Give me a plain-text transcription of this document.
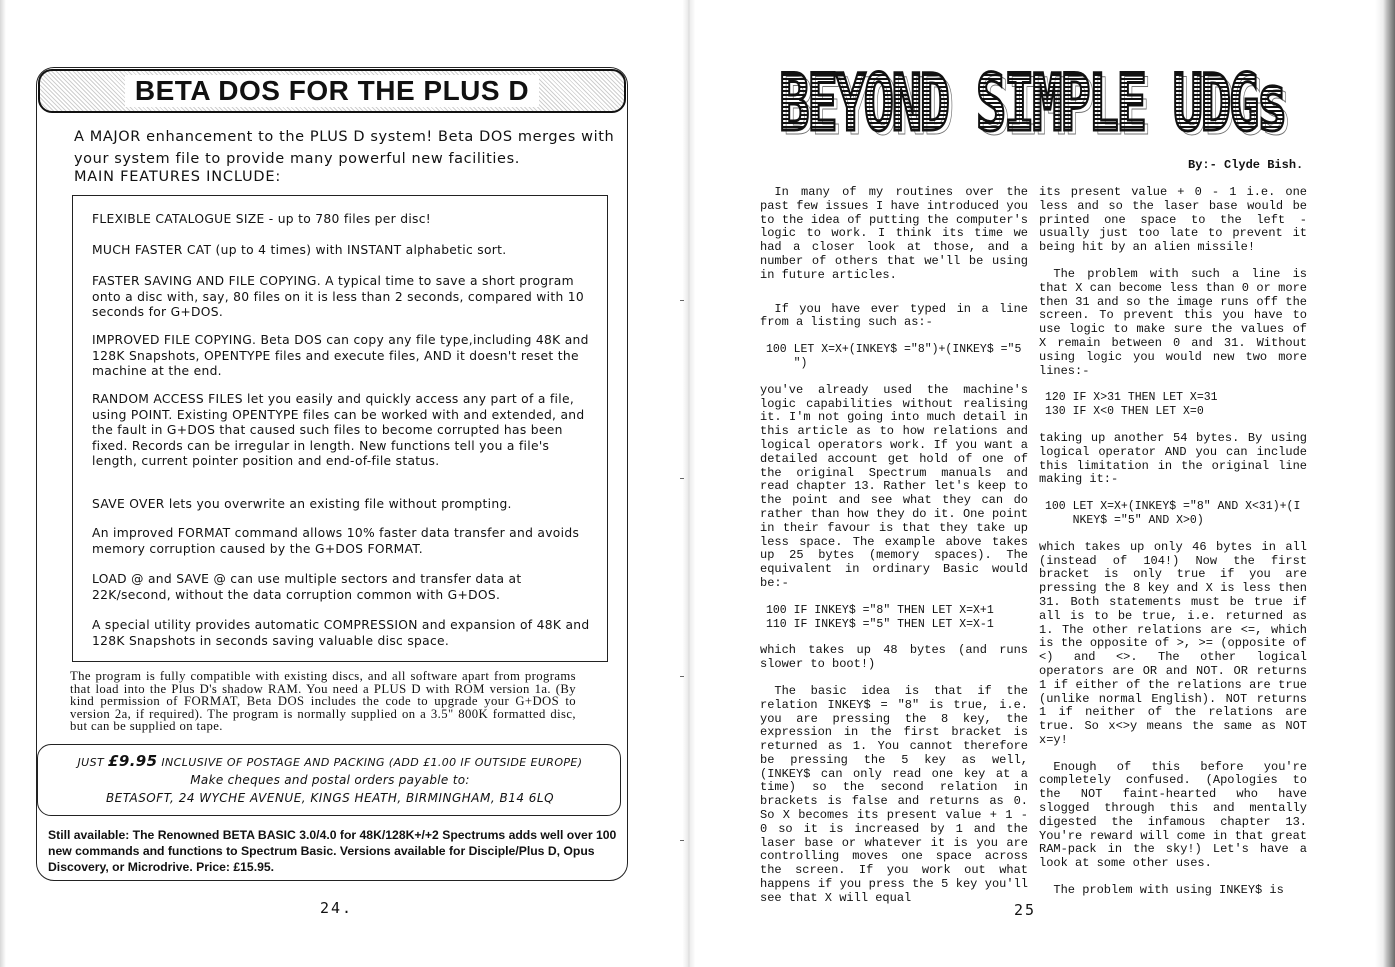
BETA DOS FOR THE PLUS D
A MAJOR enhancement to the PLUS D system! Beta DOS merges with your system file to provide many powerful new facilities.
MAIN FEATURES INCLUDE:
FLEXIBLE CATALOGUE SIZE - up to 780 files per disc!
MUCH FASTER CAT (up to 4 times) with INSTANT alphabetic sort.
FASTER SAVING AND FILE COPYING. A typical time to save a short program onto a disc with, say, 80 files on it is less than 2 seconds, compared with 10 seconds for G+DOS.
IMPROVED FILE COPYING. Beta DOS can copy any file type,including 48K and 128K Snapshots, OPENTYPE files and execute files, AND it doesn't reset the machine at the end.
RANDOM ACCESS FILES let you easily and quickly access any part of a file, using POINT. Existing OPENTYPE files can be worked with and extended, and the fault in G+DOS that caused such files to become corrupted has been fixed. Records can be irregular in length. New functions tell you a file's length, current pointer position and end-of-file status.
SAVE OVER lets you overwrite an existing file without prompting.
An improved FORMAT command allows 10% faster data transfer and avoids memory corruption caused by the G+DOS FORMAT.
LOAD @ and SAVE @ can use multiple sectors and transfer data at 22K/second, without the data corruption common with G+DOS.
A special utility provides automatic COMPRESSION and expansion of 48K and 128K Snapshots in seconds saving valuable disc space.
The program is fully compatible with existing discs, and all software apart from programs that load into the Plus D's shadow RAM. You need a PLUS D with ROM version 1a. (By kind permission of FORMAT, Beta DOS includes the code to upgrade your G+DOS to version 2a, if required). The program is normally supplied on a 3.5" 800K formatted disc, but can be supplied on tape.
JUST £9.95 INCLUSIVE OF POSTAGE AND PACKING (ADD £1.00 IF OUTSIDE EUROPE)
Make cheques and postal orders payable to:
BETASOFT, 24 WYCHE AVENUE, KINGS HEATH, BIRMINGHAM, B14 6LQ
Still available: The Renowned BETA BASIC 3.0/4.0 for 48K/128K+/+2 Spectrums adds well over 100 new commands and functions to Spectrum Basic. Versions available for Disciple/Plus D, Opus Discovery, or Microdrive. Price: £15.95.
24.
BEYOND SIMPLE UDGs
BEYOND SIMPLE UDGs
By:- Clyde Bish.

In many of my routines over the past few issues I have introduced you to the idea of putting the computer's logic to work. I think its time we had a closer look at those, and a number of others that we'll be using in future articles.

If you have ever typed in a line from a listing such as:-

100 LET X=X+(INKEY$ ="8")+(INKEY$ ="5
")

you've already used the machine's logic capabilities without realising it. I'm not going into much detail in this article as to how relations and logical operators work. If you want a detailed account get hold of one of the original Spectrum manuals and read chapter 13. Rather let's keep to the point and see what they can do rather than how they do it. One point in their favour is that they take up less space. The example above takes up 25 bytes (memory spaces). The equivalent in ordinary Basic would be:-

100 IF INKEY$ ="8" THEN LET X=X+1
110 IF INKEY$ ="5" THEN LET X=X-1

which takes up 48 bytes (and runs slower to boot!)

The basic idea is that if the relation INKEY$ = "8" is true, i.e. you are pressing the 8 key, the expression in the first bracket is returned as 1. You cannot therefore be pressing the 5 key as well, (INKEY$ can only read one key at a time) so the second relation in brackets is false and returns as 0. So X becomes its present value + 1 - 0 so it is increased by 1 and the laser base or whatever it is you are controlling moves one space across the screen. If you work out what happens if you press the 5 key you'll see that X will equal

its present value + 0 - 1 i.e. one less and so the laser base would be printed one space to the left - usually just too late to prevent it being hit by an alien missile!

The problem with such a line is that X can become less than 0 or more then 31 and so the image runs off the screen. To prevent this you have to use logic to make sure the values of X remain between 0 and 31. Without using logic you would new two more lines:-

120 IF X>31 THEN LET X=31
130 IF X<0 THEN LET X=0

taking up another 54 bytes. By using logical operator AND you can include this limitation in the original line making it:-

100 LET X=X+(INKEY$ ="8" AND X<31)+(I
NKEY$ ="5" AND X>0)

which takes up only 46 bytes in all (instead of 104!) Now the first bracket is only true if you are pressing the 8 key and X is less then 31. Both statements must be true if all is to be true, i.e. returned as 1. The other relations are <=, which is the opposite of >, >= (opposite of <) and <>. The other logical operators are OR and NOT. OR returns 1 if either of the relations are true (unlike normal English). NOT returns 1 if neither of the relations are true. So x<>y means the same as NOT x=y!

Enough of this before you're completely confused. (Apologies to the NOT faint-hearted who have slogged through this and mentally digested the infamous chapter 13. You're reward will come in that great RAM-pack in the sky!) Let's have a look at some other uses.

The problem with using INKEY$ is

25
